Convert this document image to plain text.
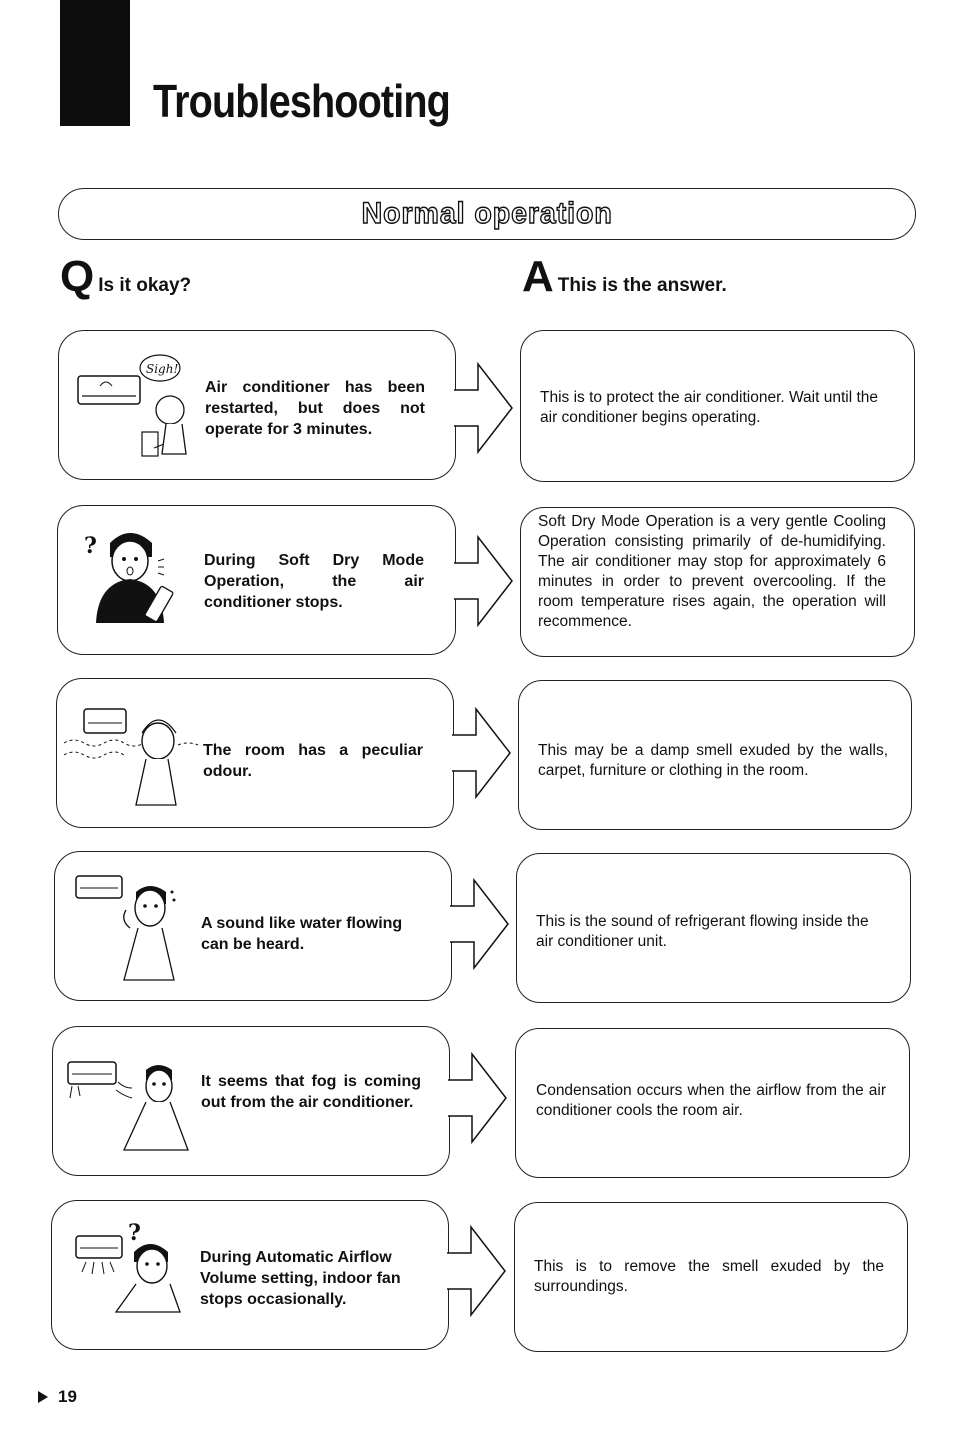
Troubleshooting
Normal operation
Q Is it okay?	A This is the answer.
Sigh!
Air conditioner has been restarted, but does not operate for 3 minutes.
This is to protect the air conditioner. Wait until the air conditioner begins operating.
?
During Soft Dry Mode Operation, the air conditioner stops.
Soft Dry Mode Operation is a very gentle Cooling Operation consisting primarily of de-humidifying. The air conditioner may stop for approximately 6 minutes in order to prevent overcooling. If the room temperature rises again, the operation will recommence.
The room has a peculiar odour.
This may be a damp smell exuded by the walls, carpet, furniture or clothing in the room.
A sound like water flowing can be heard.
This is the sound of refrigerant flowing inside the air conditioner unit.
It seems that fog is coming out from the air conditioner.
Condensation occurs when the airflow from the air conditioner cools the room air.
?
During Automatic Airflow Volume setting, indoor fan stops occasionally.
This is to remove the smell exuded by the surroundings.
19
